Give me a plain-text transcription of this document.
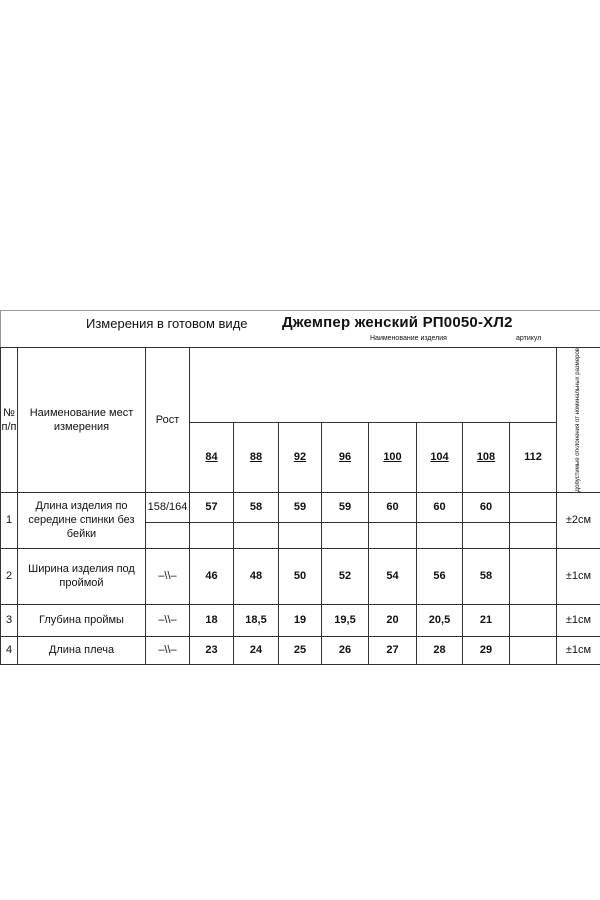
Измерения в готовом виде Джемпер женский РП0050-ХЛ2
Наименование изделия	артикул
№ п/п	Наименование мест измерения	Рост									Допустимые отклонения от номинальных размеров

			84	88	92	96	100	104	108	112	
1	Длина изделия по середине спинки без бейки	158/164	57	58	59	59	60	60	60		±2см

2	Ширина изделия под проймой	–\\–	46	48	50	52	54	56	58		±1см
3	Глубина проймы	–\\–	18	18,5	19	19,5	20	20,5	21		±1см
4	Длина плеча	–\\–	23	24	25	26	27	28	29		±1см
